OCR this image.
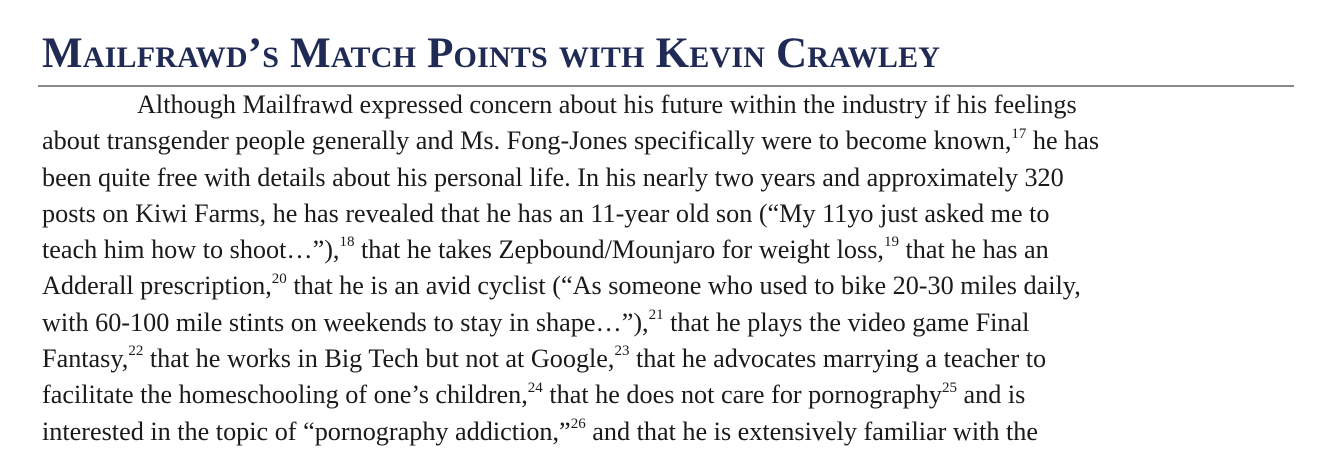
Mailfrawd’s Match Points with Kevin Crawley
Although Mailfrawd expressed concern about his future within the industry if his feelings
about transgender people generally and Ms. Fong-Jones specifically were to become known,$^{17}$ he has
been quite free with details about his personal life. In his nearly two years and approximately 320
posts on Kiwi Farms, he has revealed that he has an 11-year old son (“My 11yo just asked me to
teach him how to shoot…”),$^{18}$ that he takes Zepbound/Mounjaro for weight loss,$^{19}$ that he has an
Adderall prescription,$^{20}$ that he is an avid cyclist (“As someone who used to bike 20-30 miles daily,
with 60-100 mile stints on weekends to stay in shape…”),$^{21}$ that he plays the video game Final
Fantasy,$^{22}$ that he works in Big Tech but not at Google,$^{23}$ that he advocates marrying a teacher to
facilitate the homeschooling of one’s children,$^{24}$ that he does not care for pornography$^{25}$ and is
interested in the topic of “pornography addiction,”$^{26}$ and that he is extensively familiar with the
